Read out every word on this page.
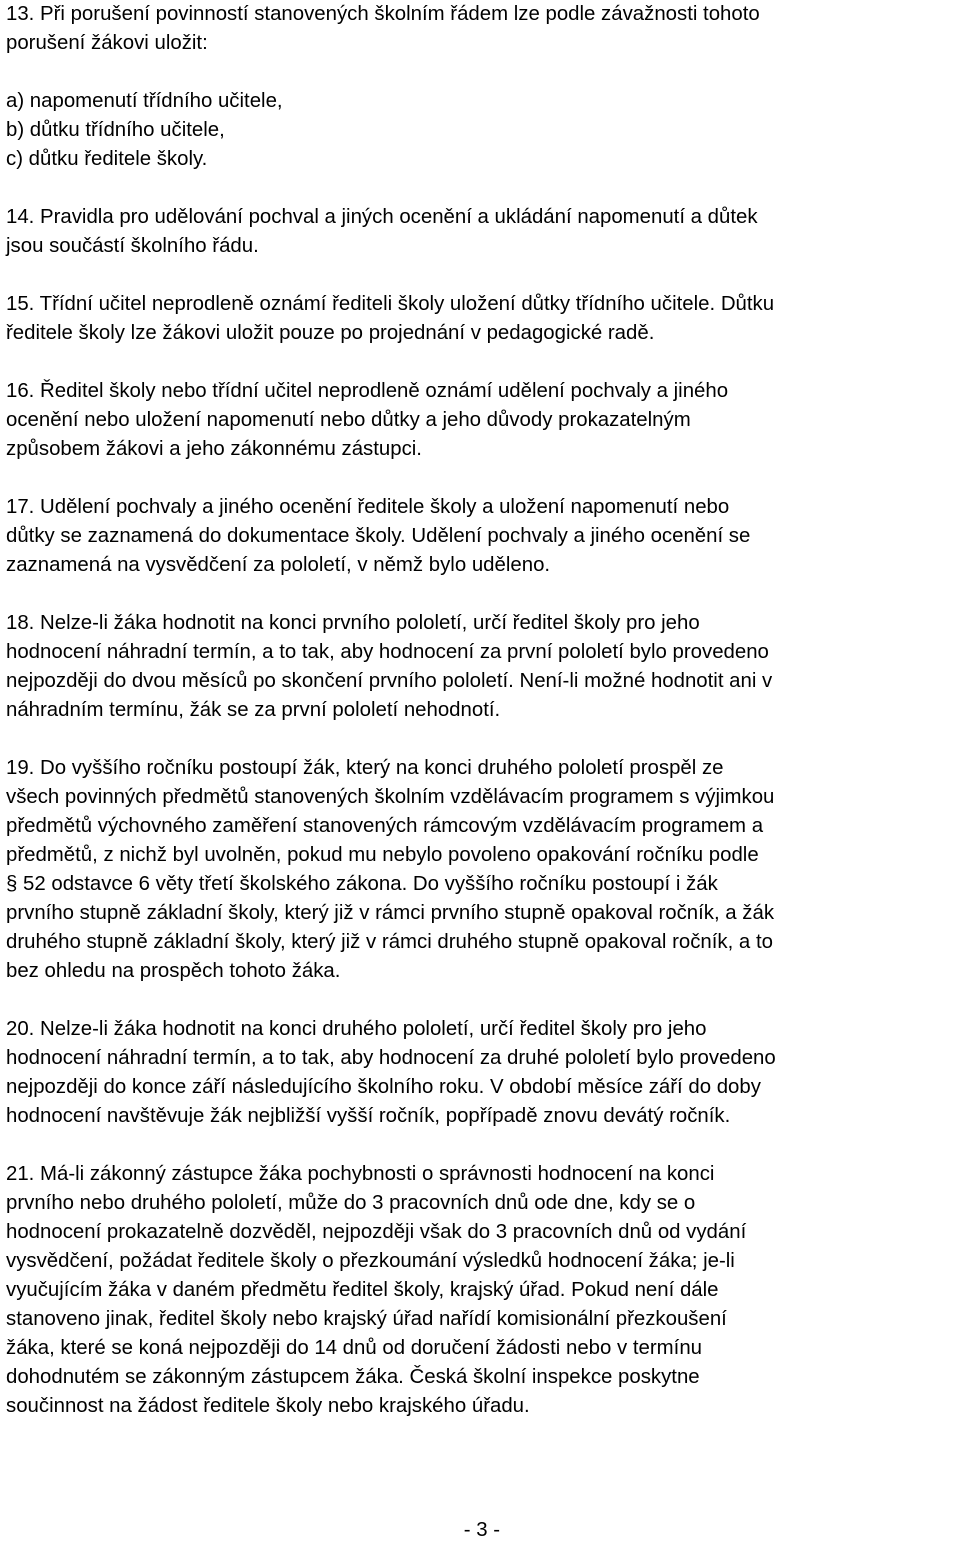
13. Při porušení povinností stanovených školním řádem lze podle závažnosti tohoto
porušení žákovi uložit:
a) napomenutí třídního učitele,
b) důtku třídního učitele,
c) důtku ředitele školy.
14. Pravidla pro udělování pochval a jiných ocenění a ukládání napomenutí a důtek
jsou součástí školního řádu.
15. Třídní učitel neprodleně oznámí řediteli školy uložení důtky třídního učitele. Důtku
ředitele školy lze žákovi uložit pouze po projednání v pedagogické radě.
16. Ředitel školy nebo třídní učitel neprodleně oznámí udělení pochvaly a jiného
ocenění nebo uložení napomenutí nebo důtky a jeho důvody prokazatelným
způsobem žákovi a jeho zákonnému zástupci.
17. Udělení pochvaly a jiného ocenění ředitele školy a uložení napomenutí nebo
důtky se zaznamená do dokumentace školy. Udělení pochvaly a jiného ocenění se
zaznamená na vysvědčení za pololetí, v němž bylo uděleno.
18. Nelze-li žáka hodnotit na konci prvního pololetí, určí ředitel školy pro jeho
hodnocení náhradní termín, a to tak, aby hodnocení za první pololetí bylo provedeno
nejpozději do dvou měsíců po skončení prvního pololetí. Není-li možné hodnotit ani v
náhradním termínu, žák se za první pololetí nehodnotí.
19. Do vyššího ročníku postoupí žák, který na konci druhého pololetí prospěl ze
všech povinných předmětů stanovených školním vzdělávacím programem s výjimkou
předmětů výchovného zaměření stanovených rámcovým vzdělávacím programem a
předmětů, z nichž byl uvolněn, pokud mu nebylo povoleno opakování ročníku podle
§ 52 odstavce 6 věty třetí školského zákona. Do vyššího ročníku postoupí i žák
prvního stupně základní školy, který již v rámci prvního stupně opakoval ročník, a žák
druhého stupně základní školy, který již v rámci druhého stupně opakoval ročník, a to
bez ohledu na prospěch tohoto žáka.
20. Nelze-li žáka hodnotit na konci druhého pololetí, určí ředitel školy pro jeho
hodnocení náhradní termín, a to tak, aby hodnocení za druhé pololetí bylo provedeno
nejpozději do konce září následujícího školního roku. V období měsíce září do doby
hodnocení navštěvuje žák nejbližší vyšší ročník, popřípadě znovu devátý ročník.
21. Má-li zákonný zástupce žáka pochybnosti o správnosti hodnocení na konci
prvního nebo druhého pololetí, může do 3 pracovních dnů ode dne, kdy se o
hodnocení prokazatelně dozvěděl, nejpozději však do 3 pracovních dnů od vydání
vysvědčení, požádat ředitele školy o přezkoumání výsledků hodnocení žáka; je-li
vyučujícím žáka v daném předmětu ředitel školy, krajský úřad. Pokud není dále
stanoveno jinak, ředitel školy nebo krajský úřad nařídí komisionální přezkoušení
žáka, které se koná nejpozději do 14 dnů od doručení žádosti nebo v termínu
dohodnutém se zákonným zástupcem žáka. Česká školní inspekce poskytne
součinnost na žádost ředitele školy nebo krajského úřadu.
- 3 -
